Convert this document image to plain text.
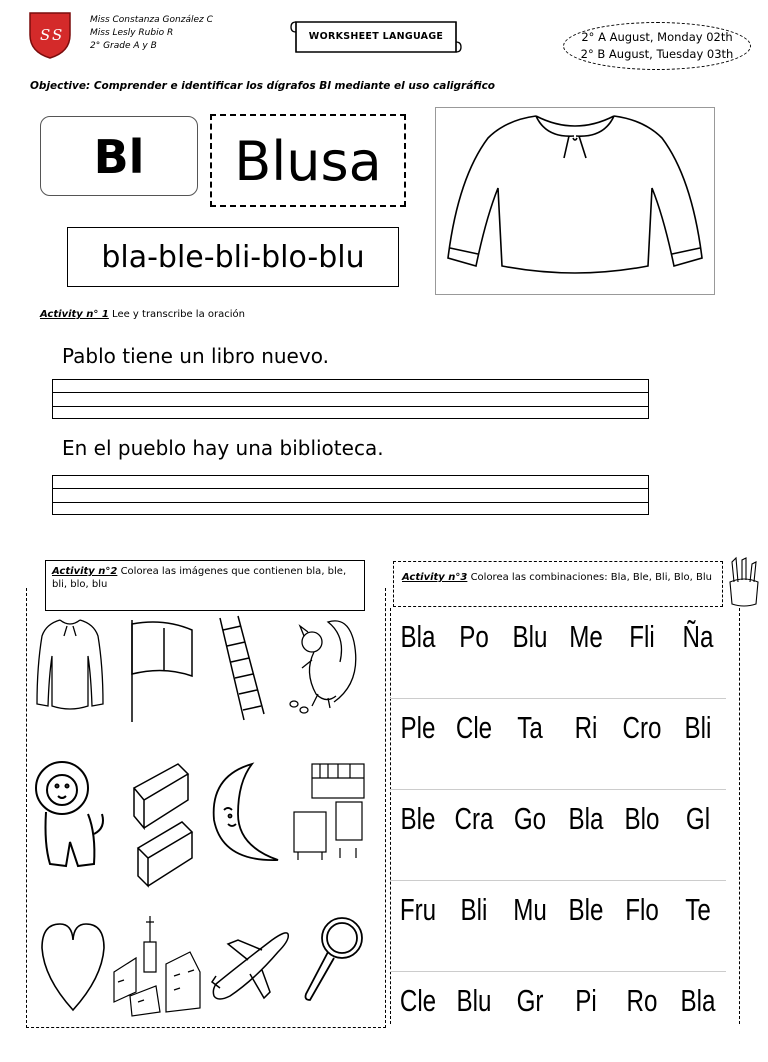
S S
Miss Constanza González C
Miss Lesly Rubio R
2° Grade A y B
WORKSHEET LANGUAGE	2° A August, Monday 02th
2° B August, Tuesday 03th
Objective: Comprender e identificar los dígrafos Bl mediante el uso caligráfico
Bl	Blusa
bla-ble-bli-blo-blu
Activity n° 1 Lee y transcribe la oración
Pablo tiene un libro nuevo.
En el pueblo hay una biblioteca.
Activity n°2 Colorea las imágenes que contienen bla, ble, bli, blo, blu
Activity n°3 Colorea las combinaciones: Bla, Ble, Bli, Blo, Blu
Bla Po Blu Me Fli Ña
Ple Cle Ta	Ri Cro Bli
Ble Cra Go Bla Blo Gl
Fru Bli Mu Ble Flo Te
Cle Blu Gr	Pi Ro Bla
